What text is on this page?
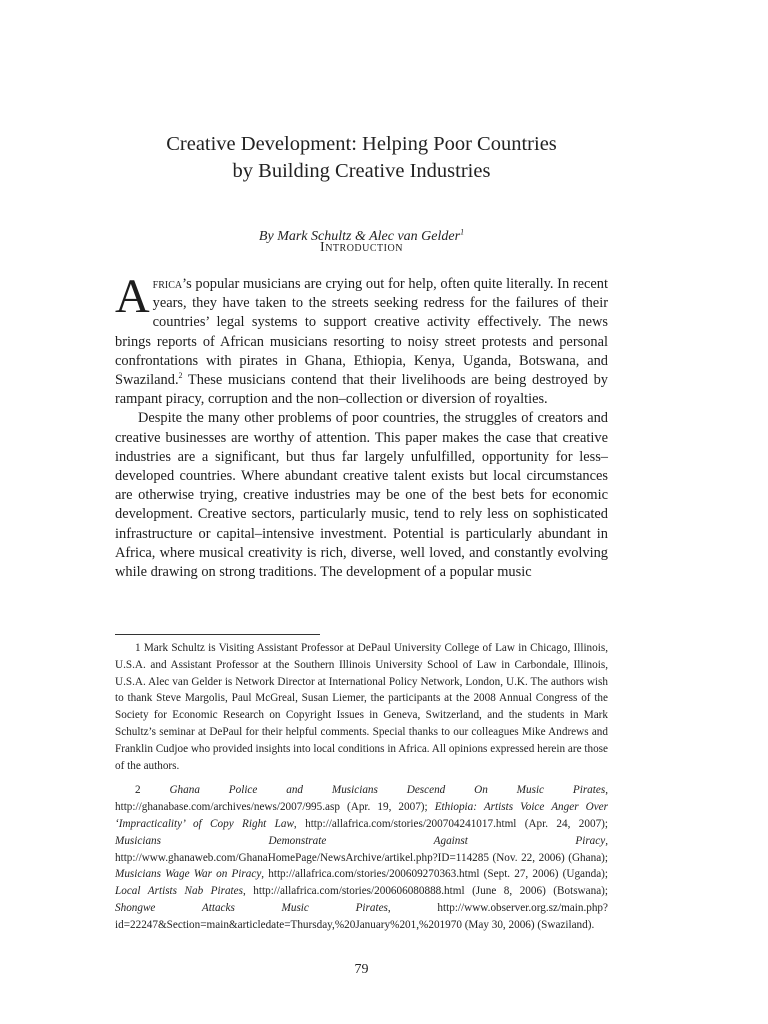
Creative Development: Helping Poor Countries
by Building Creative Industries
By Mark Schultz & Alec van Gelder$^1$
Introduction

Africa’s popular musicians are crying out for help, often quite literally. In recent years, they have taken to the streets seeking redress for the failures of their countries’ legal systems to support creative activity effectively. The news brings reports of African musicians resorting to noisy street protests and personal confrontations with pirates in Ghana, Ethiopia, Kenya, Uganda, Botswana, and Swaziland.$^2$ These musicians contend that their livelihoods are being destroyed by rampant piracy, corruption and the non–collection or diversion of royalties.

Despite the many other problems of poor countries, the struggles of creators and creative businesses are worthy of attention. This paper makes the case that creative industries are a significant, but thus far largely unfulfilled, opportunity for less–developed countries. Where abundant creative talent exists but local circumstances are otherwise trying, creative industries may be one of the best bets for economic development. Creative sectors, particularly music, tend to rely less on sophisticated infrastructure or capital–intensive investment. Potential is particularly abundant in Africa, where musical creativity is rich, diverse, well loved, and constantly evolving while drawing on strong traditions. The development of a popular music

1 Mark Schultz is Visiting Assistant Professor at DePaul University College of Law in Chicago, Illinois, U.S.A. and Assistant Professor at the Southern Illinois University School of Law in Carbondale, Illinois, U.S.A. Alec van Gelder is Network Director at International Policy Network, London, U.K. The authors wish to thank Steve Margolis, Paul McGreal, Susan Liemer, the participants at the 2008 Annual Congress of the Society for Economic Research on Copyright Issues in Geneva, Switzerland, and the students in Mark Schultz’s seminar at DePaul for their helpful comments. Special thanks to our colleagues Mike Andrews and Franklin Cudjoe who provided insights into local conditions in Africa. All opinions expressed herein are those of the authors.

2 Ghana Police and Musicians Descend On Music Pirates, http://ghanabase.com/archives/news/2007/995.asp (Apr. 19, 2007); Ethiopia: Artists Voice Anger Over ‘Impracticality’ of Copy Right Law, http://allafrica.com/stories/200704241017.html (Apr. 24, 2007); Musicians Demonstrate Against Piracy, http://www.ghanaweb.com/GhanaHomePage/NewsArchive/artikel.php?ID=114285 (Nov. 22, 2006) (Ghana); Musicians Wage War on Piracy, http://allafrica.com/stories/200609270363.html (Sept. 27, 2006) (Uganda); Local Artists Nab Pirates, http://allafrica.com/stories/200606080888.html (June 8, 2006) (Botswana); Shongwe Attacks Music Pirates, http://www.observer.org.sz/main.php?id=22247&Section=main&articledate=Thursday,%20January%201,%201970 (May 30, 2006) (Swaziland).

79
